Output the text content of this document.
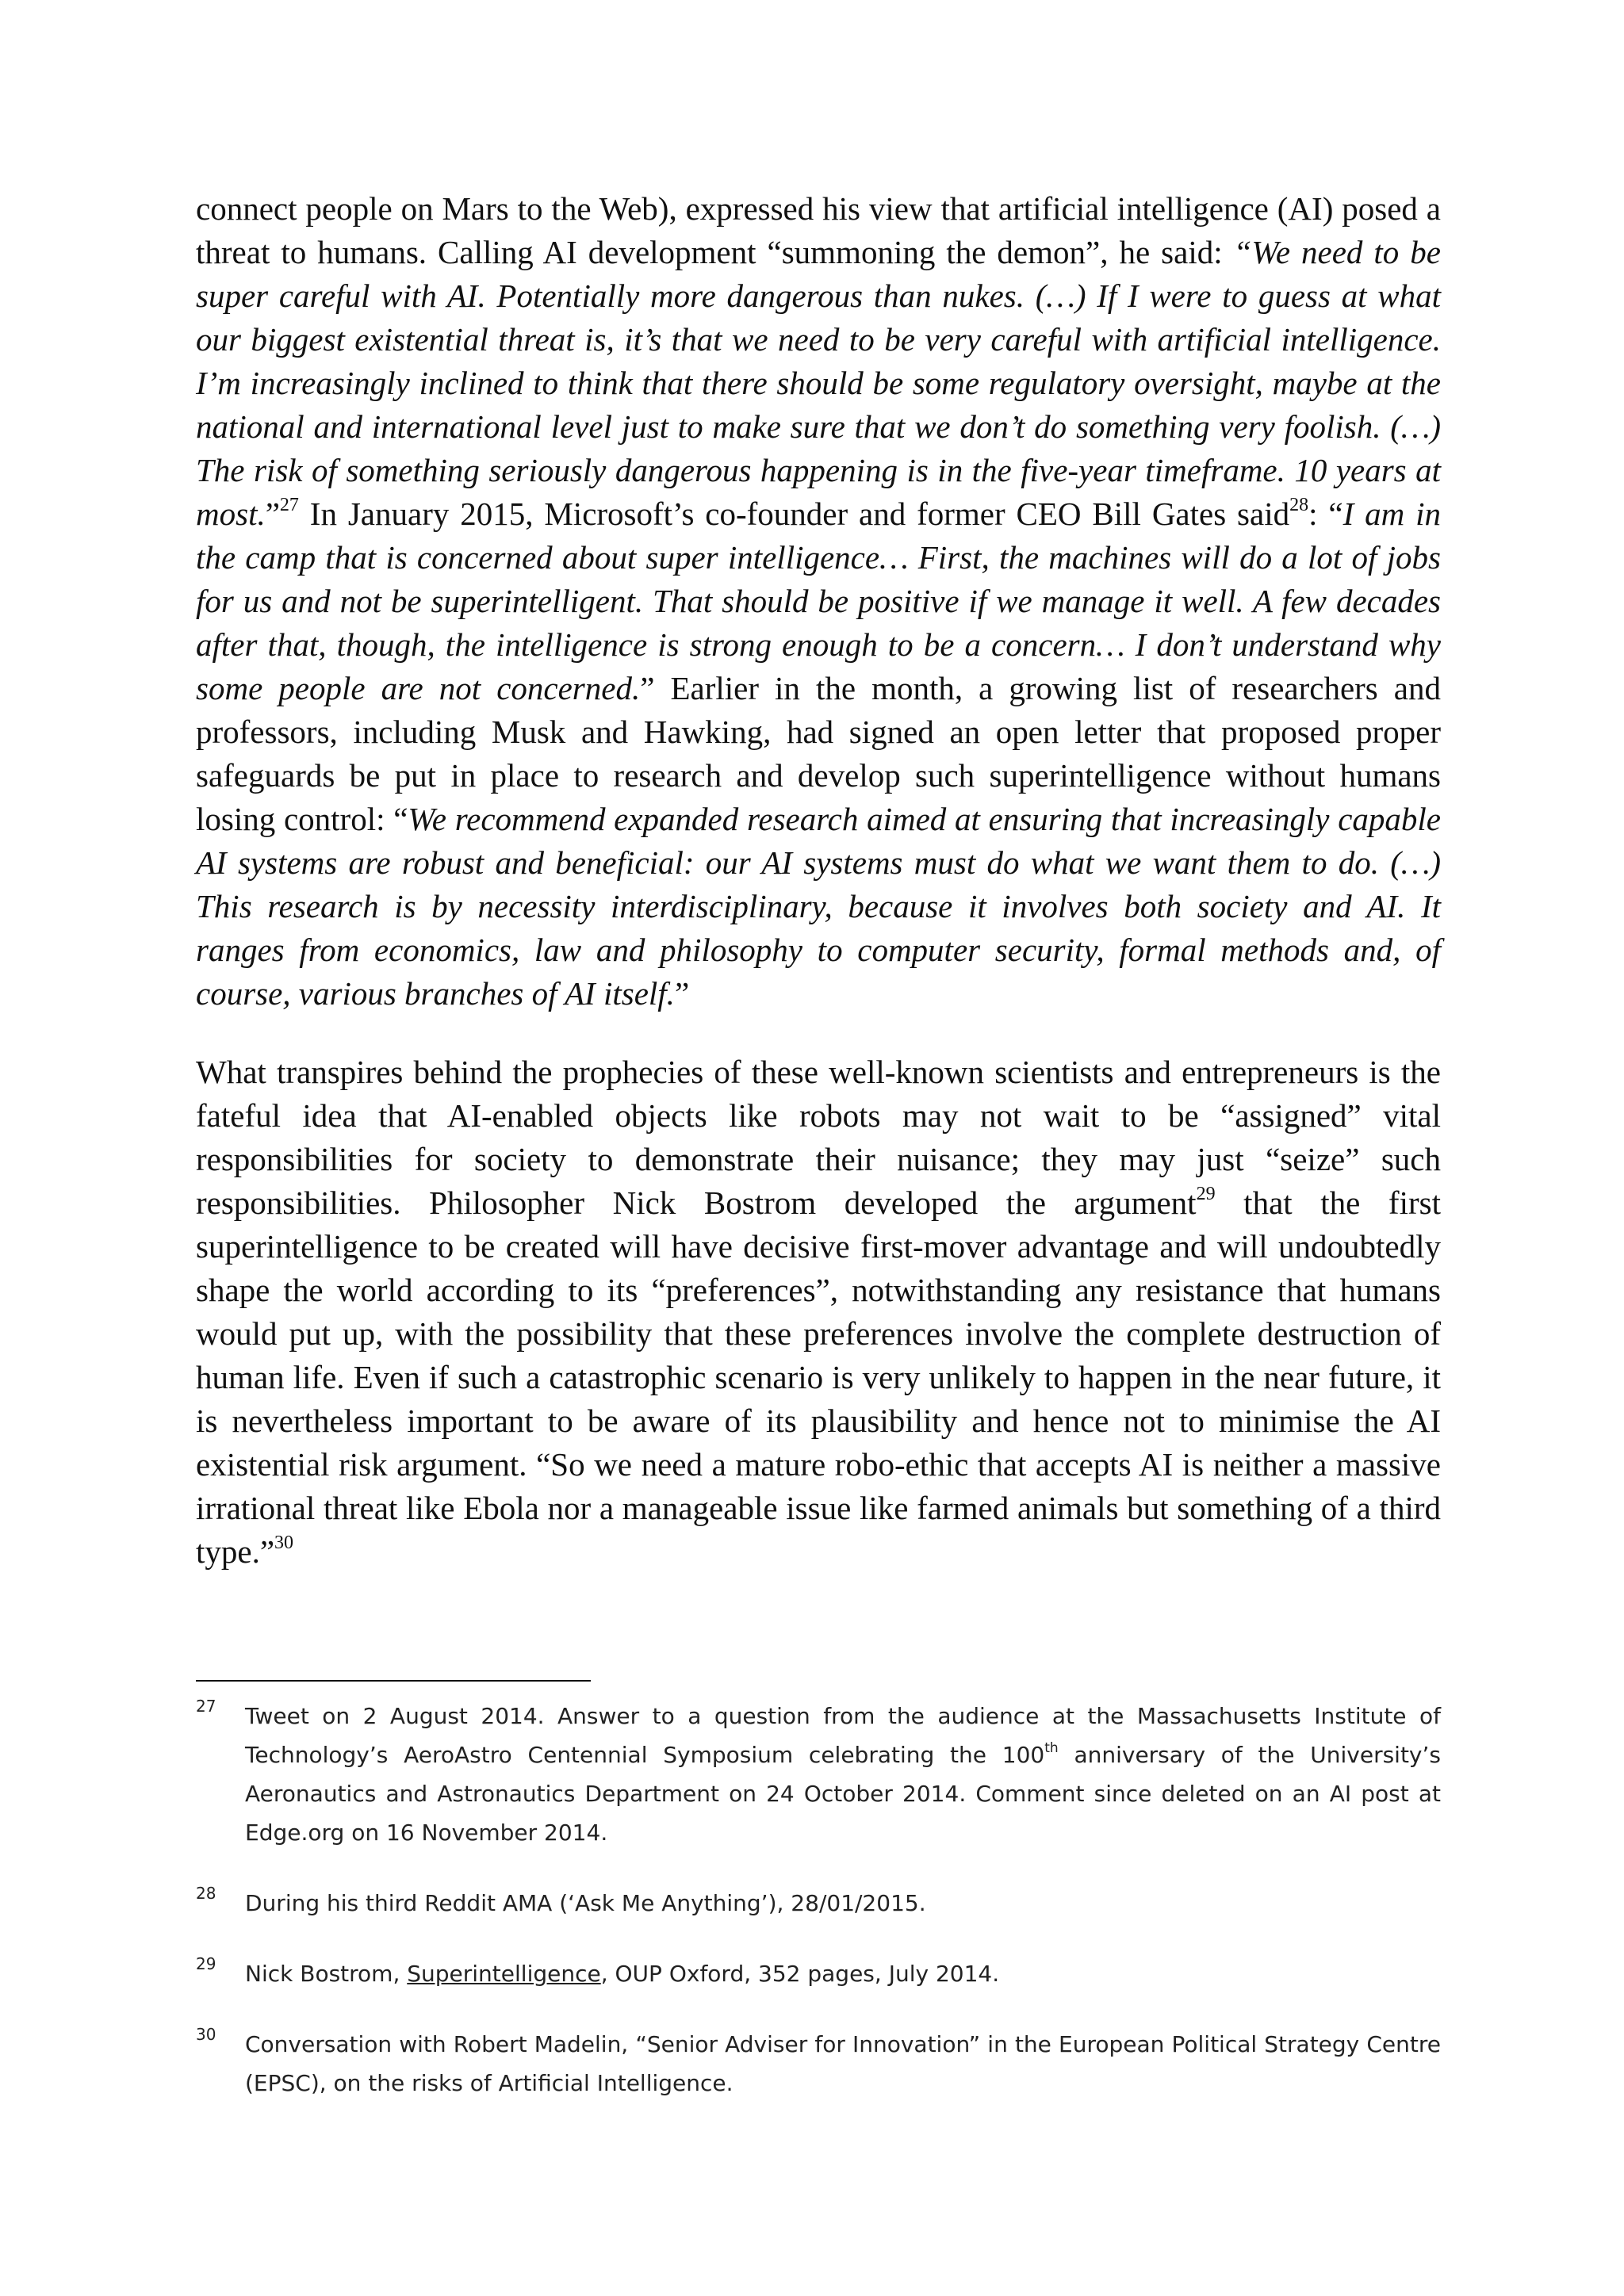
connect people on Mars to the Web), expressed his view that artificial intelligence (AI) posed a threat to humans. Calling AI development “summoning the demon”, he said: “We need to be super careful with AI. Potentially more dangerous than nukes. (…) If I were to guess at what our biggest existential threat is, it’s that we need to be very careful with artificial intelligence. I’m increasingly inclined to think that there should be some regulatory oversight, maybe at the national and international level just to make sure that we don’t do something very foolish. (…) The risk of something seriously dangerous happening is in the five-year timeframe. 10 years at most.”$^{27}$ In January 2015, Microsoft’s co-founder and former CEO Bill Gates said$^{28}$: “I am in the camp that is concerned about super intelligence… First, the machines will do a lot of jobs for us and not be superintelligent. That should be positive if we manage it well. A few decades after that, though, the intelligence is strong enough to be a concern… I don’t understand why some people are not concerned.” Earlier in the month, a growing list of researchers and professors, including Musk and Hawking, had signed an open letter that proposed proper safeguards be put in place to research and develop such superintelligence without humans losing control: “We recommend expanded research aimed at ensuring that increasingly capable AI systems are robust and beneficial: our AI systems must do what we want them to do. (…) This research is by necessity interdisciplinary, because it involves both society and AI. It ranges from economics, law and philosophy to computer security, formal methods and, of course, various branches of AI itself.”

What transpires behind the prophecies of these well-known scientists and entrepreneurs is the fateful idea that AI-enabled objects like robots may not wait to be “assigned” vital responsibilities for society to demonstrate their nuisance; they may just “seize” such responsibilities. Philosopher Nick Bostrom developed the argument$^{29}$ that the first superintelligence to be created will have decisive first-mover advantage and will undoubtedly shape the world according to its “preferences”, notwithstanding any resistance that humans would put up, with the possibility that these preferences involve the complete destruction of human life. Even if such a catastrophic scenario is very unlikely to happen in the near future, it is nevertheless important to be aware of its plausibility and hence not to minimise the AI existential risk argument. “So we need a mature robo-ethic that accepts AI is neither a massive irrational threat like Ebola nor a manageable issue like farmed animals but something of a third type.”$^{30}$

27 Tweet on 2 August 2014. Answer to a question from the audience at the Massachusetts Institute of Technology’s AeroAstro Centennial Symposium celebrating the 100th anniversary of the University’s Aeronautics and Astronautics Department on 24 October 2014. Comment since deleted on an AI post at Edge.org on 16 November 2014.
28 During his third Reddit AMA (‘Ask Me Anything’), 28/01/2015.
29 Nick Bostrom, Superintelligence, OUP Oxford, 352 pages, July 2014.
30 Conversation with Robert Madelin, “Senior Adviser for Innovation” in the European Political Strategy Centre (EPSC), on the risks of Artificial Intelligence.
